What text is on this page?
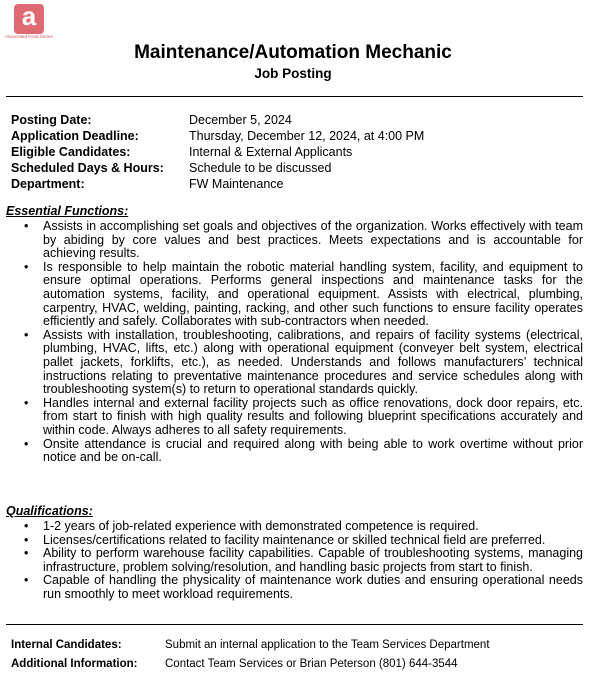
a
Associated Food Stores
Maintenance/Automation Mechanic
Job Posting
Posting Date:	December 5, 2024
Application Deadline:	Thursday, December 12, 2024, at 4:00 PM
Eligible Candidates:	Internal & External Applicants
Scheduled Days & Hours:	Schedule to be discussed
Department:	FW Maintenance
Essential Functions:
• Assists in accomplishing set goals and objectives of the organization. Works effectively with team by abiding by core values and best practices. Meets expectations and is accountable for achieving results.
• Is responsible to help maintain the robotic material handling system, facility, and equipment to ensure optimal operations. Performs general inspections and maintenance tasks for the automation systems, facility, and operational equipment. Assists with electrical, plumbing, carpentry, HVAC, welding, painting, racking, and other such functions to ensure facility operates efficiently and safely. Collaborates with sub-contractors when needed.
• Assists with installation, troubleshooting, calibrations, and repairs of facility systems (electrical, plumbing, HVAC, lifts, etc.) along with operational equipment (conveyer belt system, electrical pallet jackets, forklifts, etc.), as needed. Understands and follows manufacturers’ technical instructions relating to preventative maintenance procedures and service schedules along with troubleshooting system(s) to return to operational standards quickly.
• Handles internal and external facility projects such as office renovations, dock door repairs, etc. from start to finish with high quality results and following blueprint specifications accurately and within code. Always adheres to all safety requirements.
• Onsite attendance is crucial and required along with being able to work overtime without prior notice and be on-call.
Qualifications:
• 1-2 years of job-related experience with demonstrated competence is required.
• Licenses/certifications related to facility maintenance or skilled technical field are preferred.
• Ability to perform warehouse facility capabilities. Capable of troubleshooting systems, managing infrastructure, problem solving/resolution, and handling basic projects from start to finish.
• Capable of handling the physicality of maintenance work duties and ensuring operational needs run smoothly to meet workload requirements.
Internal Candidates:	Submit an internal application to the Team Services Department
Additional Information:	Contact Team Services or Brian Peterson (801) 644-3544
